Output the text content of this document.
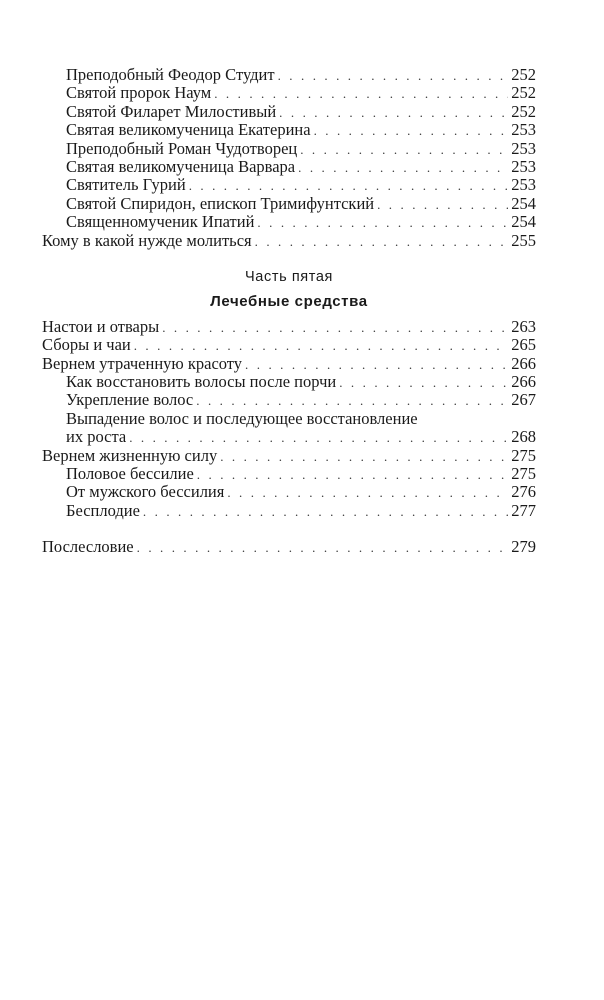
Преподобный Феодор Студит . . .	252
Святой пророк Наум . . .	252
Святой Филарет Милостивый . . .	252
Святая великомученица Екатерина . . .	253
Преподобный Роман Чудотворец . . .	253
Святая великомученица Варвара . . .	253
Святитель Гурий . . .	253
Святой Спиридон, епископ Тримифунтский . . .	254
Священномученик Ипатий . . .	254
Кому в какой нужде молиться . . .	255
Часть пятая
Лечебные средства
Настои и отвары . . .	263
Сборы и чаи . . .	265
Вернем утраченную красоту . . .	266
Как восстановить волосы после порчи . . .	266
Укрепление волос . . .	267
Выпадение волос и последующее восстановление
их роста . . .	268
Вернем жизненную силу . . .	275
Половое бессилие . . .	275
От мужского бессилия . . .	276
Бесплодие . . .	277
Послесловие . . .	279
